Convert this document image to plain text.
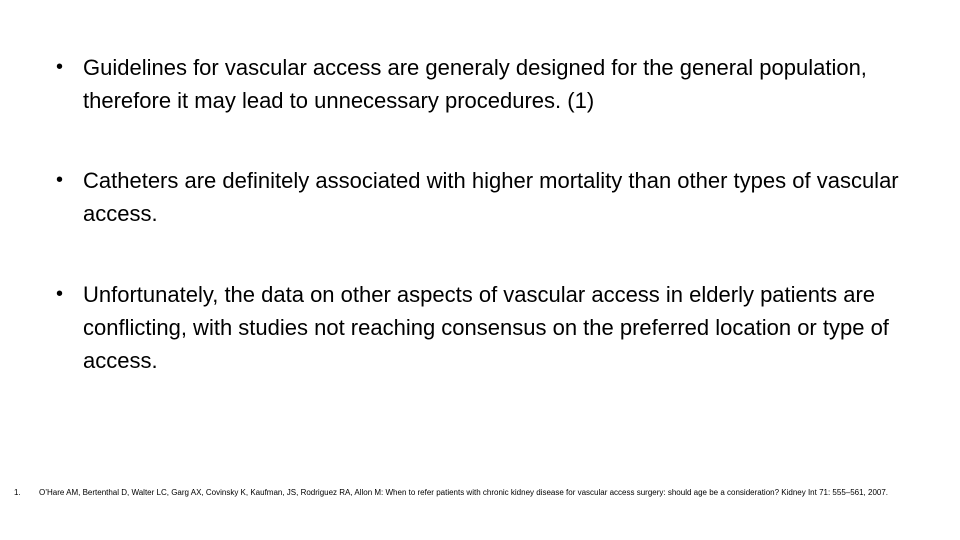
• Guidelines for vascular access are generaly designed for the general population, therefore it may lead to unnecessary procedures. (1)
• Catheters are definitely associated with higher mortality than other types of vascular access.
• Unfortunately, the data on other aspects of vascular access in elderly patients are conflicting, with studies not reaching consensus on the preferred location or type of access.
1.	O’Hare AM, Bertenthal D, Walter LC, Garg AX, Covinsky K, Kaufman, JS, Rodriguez RA, Allon M: When to refer patients with chronic kidney disease for vascular access surgery: should age be a consideration? Kidney Int 71: 555–561, 2007.
